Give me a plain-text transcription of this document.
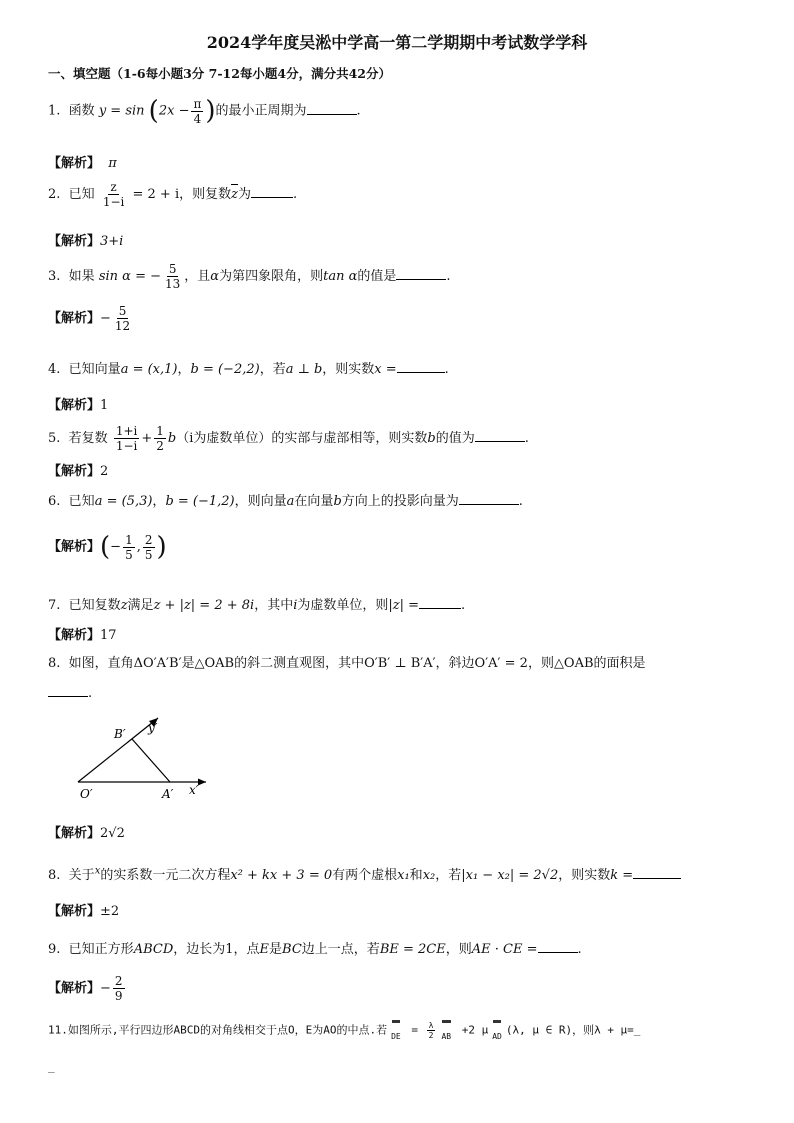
2024学年度吴淞中学高一第二学期期中考试数学学科
一、填空题（1-6每小题3分 7-12每小题4分，满分共42分）
1. 函数 $y = \sin (2x - \frac{\pi}{4}$ )的最小正周期为	.
【解析】 π
2. 已知 $\frac{z}{1-i} = 2 + i$，则复数z为	.
【解析】3+i
3. 如果 sin α = − $\frac{5}{13}$ ，且α为第四象限角，则tan α的值是	.
【解析】− $\frac{5}{12}$
4. 已知向量a = (x,1)，b = (−2,2)，若a ⊥ b，则实数x =	.
【解析】1
5. 若复数 $\frac{1+i}{1-i} + \frac{1}{2} b(i$为虚数单位）的实部与虚部相等，则实数b的值为	.
【解析】2
6. 已知a = (5,3)，b = (−1,2)，则向量a在向量b方向上的投影向量为	.
【解析】(− $\frac{1}{5}$ , $\frac{2}{5}$ )
7. 已知复数z满足z + |z| = 2 + 8i，其中i为虚数单位，则|z| =	.
【解析】17
8. 如图，直角ΔO′A′B′是△OAB的斜二测直观图，其中O′B′ ⊥ B′A′，斜边O′A′ = 2，则△OAB的面积是
.
B′ y′
O′	A′ x′
【解析】2√2
8. 关于$^x$的实系数一元二次方程x² + kx + 3 = 0有两个虚根x₁和x₂，若|x₁ − x₂| = 2√2，则实数k =
【解析】±2
9. 已知正方形ABCD，边长为1，点E是BC边上一点，若BE = 2CE，则AE · CE =	.
【解析】− $\frac{2}{9}$
11.如图所示,平行四边形ABCD的对角线相交于点O，E为AO的中点.若
DE = $\frac{\lambda}{2}$
AB +2 μ
AD (λ, μ ∈ R)，则λ + μ=_
_
